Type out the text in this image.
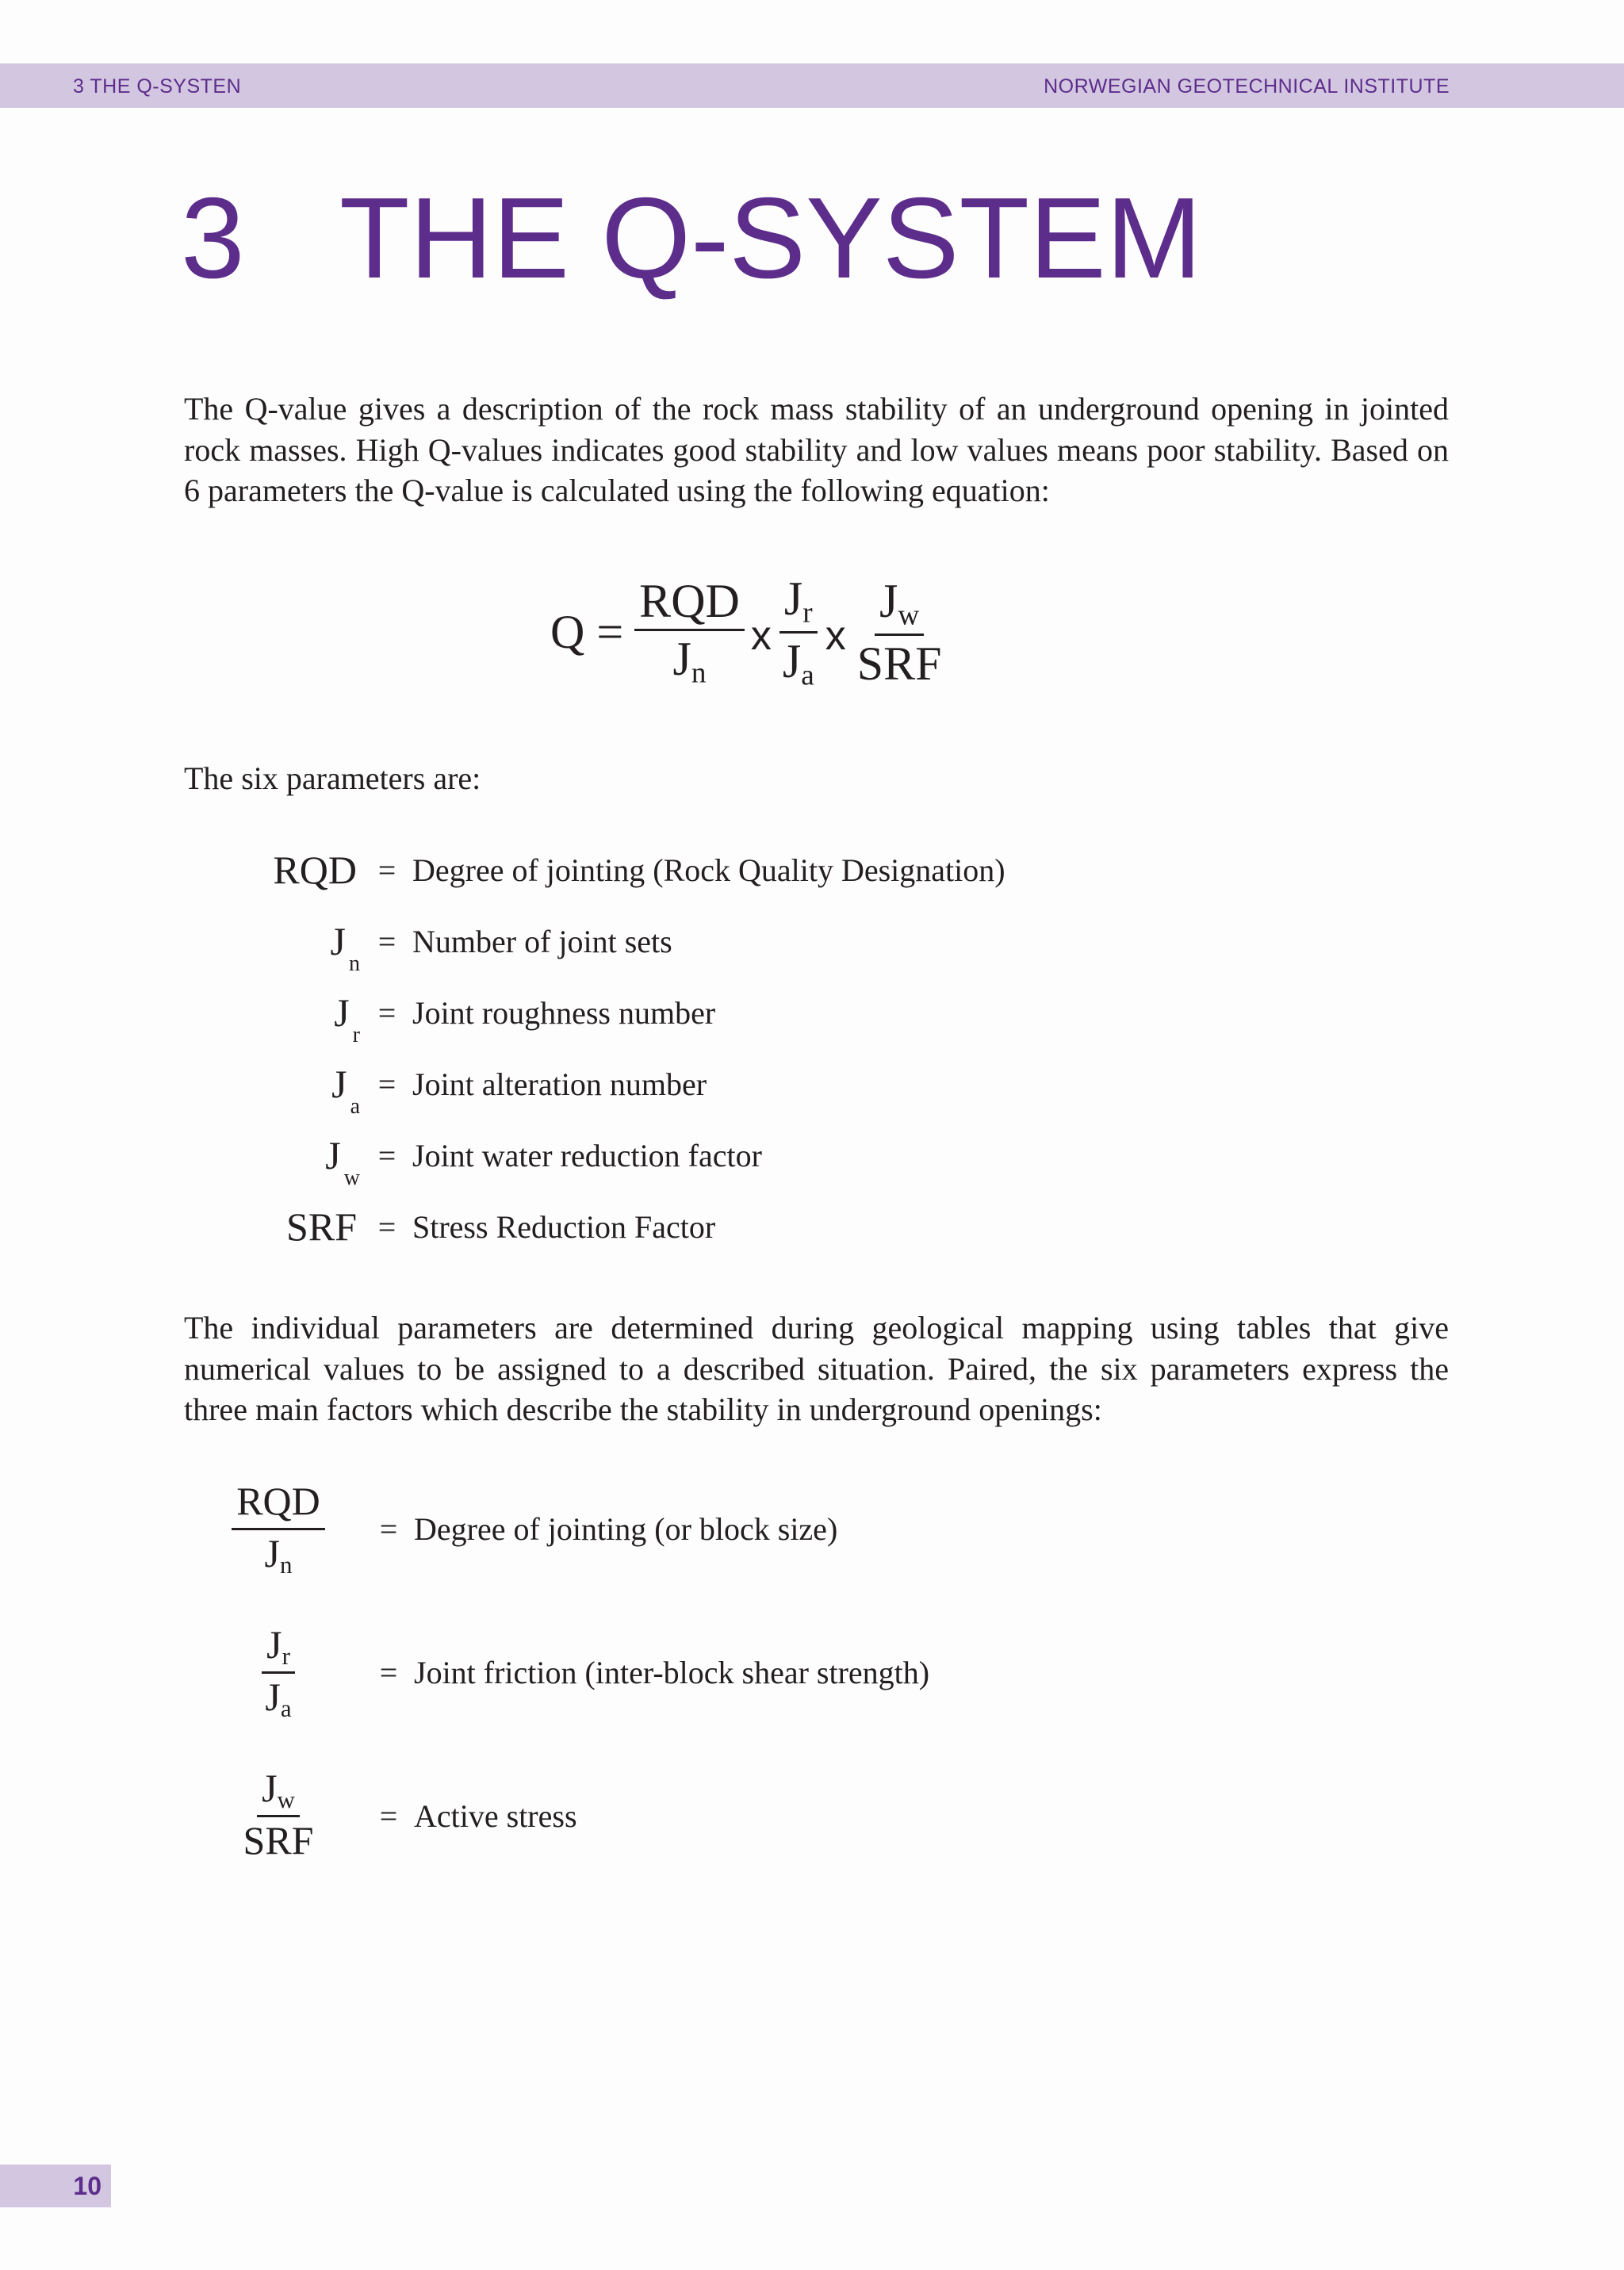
3 THE Q-SYSTEN	NORWEGIAN GEOTECHNICAL INSTITUTE
3 THE Q-SYSTEM

The Q-value gives a description of the rock mass stability of an underground opening in jointed rock masses. High Q-values indicates good stability and low values means poor stability. Based on 6 parameters the Q-value is calculated using the following equation:

$Q = \frac{\text{RQD}}{J_n}$ x $\frac{J_r}{J_a}$ x $\frac{J_w}{\text{SRF}}$

The six parameters are:

RQD = Degree of jointing (Rock Quality Designation)
$J_n$
= Number of joint sets
$J_r$
= Joint roughness number
$J_a$
= Joint alteration number
$J_w$
= Joint water reduction factor
SRF = Stress Reduction Factor

The individual parameters are determined during geological mapping using tables that give numerical values to be assigned to a described situation. Paired, the six parameters express the three main factors which describe the stability in underground openings:

$\frac{\text{RQD}}{J_n}$ = Degree of jointing (or block size)
$\frac{J_r}{J_a}$	= Joint friction (inter-block shear strength)
$\frac{J_w}{\text{SRF}}$ = Active stress
10
